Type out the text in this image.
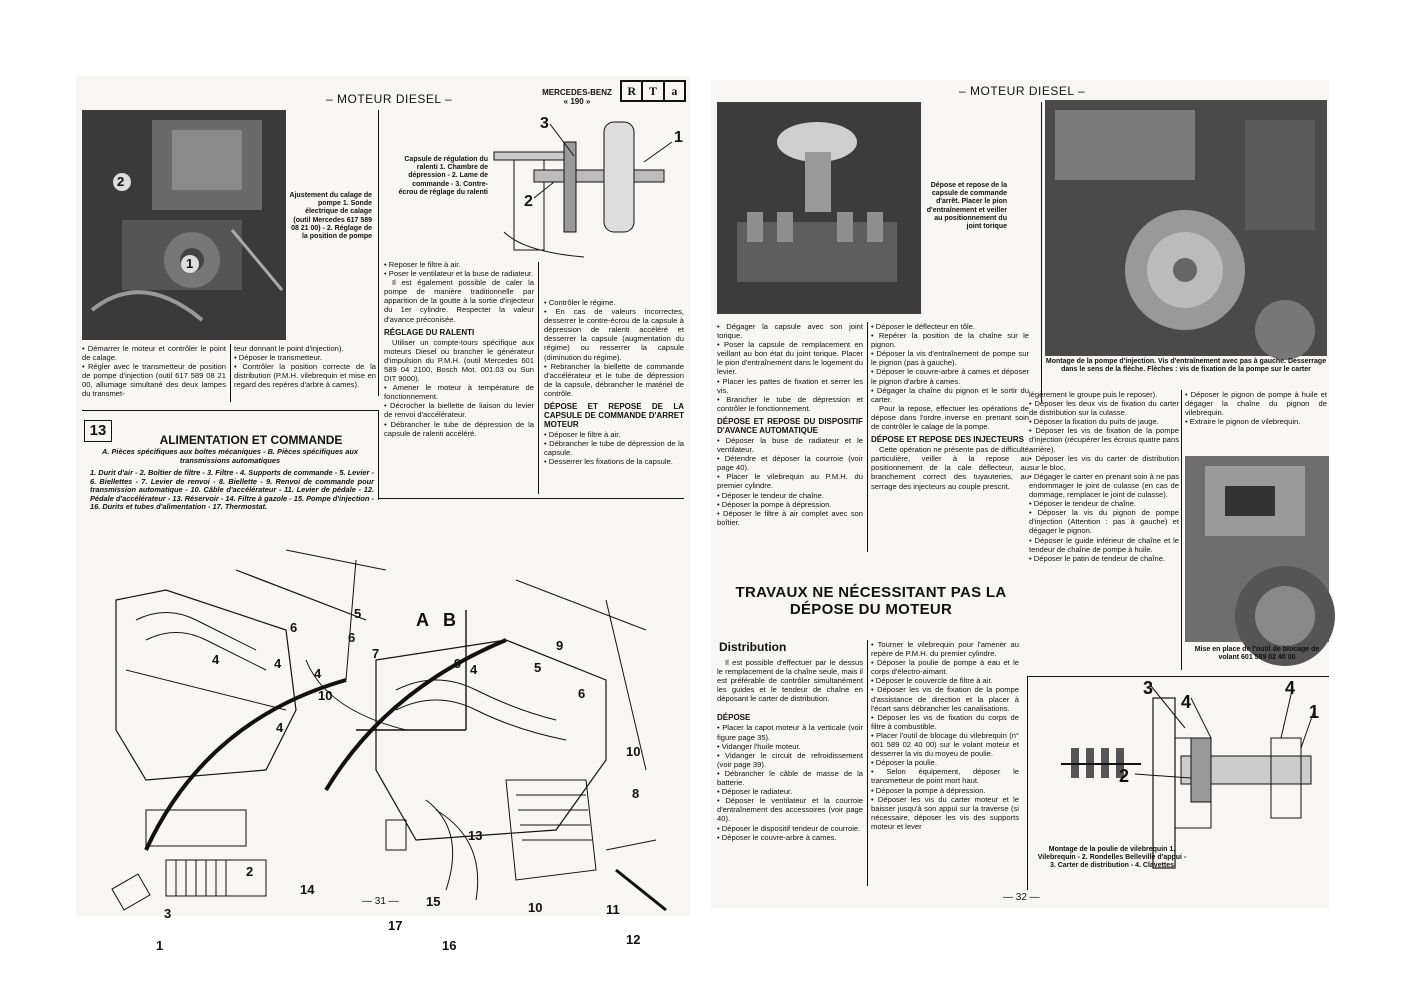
– MOTEUR DIESEL –	MERCEDES-BENZ
« 190 »
R	T	a
2
1
Ajustement du calage de pompe 1. Sonde électrique de calage (outil Mercedes 617 589 08 21 00) - 2. Réglage de la position de pompe
Capsule de régulation du ralenti 1. Chambre de dépression - 2. Lame de commande - 3. Contre-écrou de réglage du ralenti
3
1
2

• Démarrer le moteur et contrôler le point de calage.

• Régler avec le transmetteur de position de pompe d'injection (outil 617 589 08 21 00, allumage simultané des deux lampes du transmet-

teur donnant le point d'injection).

• Déposer le transmetteur.

• Contrôler la position correcte de la distribution (P.M.H. vilebrequin et mise en regard des repères d'arbre à cames).

• Reposer le filtre à air.

• Poser le ventilateur et la buse de radiateur.

Il est également possible de caler la pompe de manière traditionnelle par apparition de la goutte à la sortie d'injecteur du 1er cylindre. Respecter la valeur d'avance préconisée.

RÉGLAGE DU RALENTI

Utiliser un compte-tours spécifique aux moteurs Diesel ou brancher le générateur d'impulsion du P.M.H. (outil Mercedes 601 589 04 2100, Bosch Mot. 001.03 ou Sun DIT 9000).

• Amener le moteur à température de fonctionnement.

• Décrocher la biellette de liaison du levier de renvoi d'accélérateur.

• Débrancher le tube de dépression de la capsule de ralenti accéléré.

• Contrôler le régime.

• En cas de valeurs incorrectes, desserrer le contre-écrou de la capsule à dépression de ralenti accéléré et desserrer la capsule (augmentation du régime) ou resserrer la capsule (diminution du régime).

• Rebrancher la biellette de commande d'accélérateur et le tube de dépression de la capsule, débrancher le matériel de contrôle.

DÉPOSE ET REPOSE DE LA CAPSULE DE COMMANDE D'ARRET MOTEUR

• Déposer le filtre à air.

• Débrancher le tube de dépression de la capsule.

• Desserrer les fixations de la capsule.

13
ALIMENTATION ET COMMANDE
A. Pièces spécifiques aux boîtes mécaniques - B. Pièces spécifiques aux transmissions automatiques
1. Durit d'air - 2. Boîtier de filtre - 3. Filtre - 4. Supports de commande - 5. Levier - 6. Biellettes - 7. Levier de renvoi - 8. Biellette - 9. Renvoi de commande pour transmission automatique - 10. Câble d'accélérateur - 11. Levier de pédale - 12. Pédale d'accélérateur - 13. Réservoir - 14. Filtre à gazole - 15. Pompe d'injection - 16. Durits et tubes d'alimentation - 17. Thermostat.
A B
5
6
6
7
4	4
4
10
4
9 4	5
6
9
10
8
2
3
1
14
13
15
16
17
10	11
12
— 31 —
– MOTEUR DIESEL –
Dépose et repose de la capsule de commande d'arrêt. Placer le pion d'entraînement et veiller au positionnement du joint torique
Montage de la pompe d'injection. Vis d'entraînement avec pas à gauche. Desserrage dans le sens de la flèche. Flèches : vis de fixation de la pompe sur le carter

• Dégager la capsule avec son joint torique.

• Poser la capsule de remplacement en veillant au bon état du joint torique. Placer le pion d'entraînement dans le logement du levier.

• Placer les pattes de fixation et serrer les vis.

• Brancher le tube de dépression et contrôler le fonctionnement.

DÉPOSE ET REPOSE DU DISPOSITIF D'AVANCE AUTOMATIQUE

• Déposer la buse de radiateur et le ventilateur.

• Détendre et déposer la courroie (voir page 40).

• Placer le vilebrequin au P.M.H. du premier cylindre.

• Déposer le tendeur de chaîne.

• Déposer la pompe à dépression.

• Déposer le filtre à air complet avec son boîtier.

• Déposer le déflecteur en tôle.

• Repérer la position de la chaîne sur le pignon.

• Déposer la vis d'entraînement de pompe sur le pignon (pas à gauche).

• Déposer le couvre-arbre à cames et déposer le pignon d'arbre à cames.

• Dégager la chaîne du pignon et le sortir du carter.

Pour la repose, effectuer les opérations de dépose dans l'ordre inverse en prenant soin de contrôler le calage de la pompe.

DÉPOSE ET REPOSE DES INJECTEURS

Cette opération ne présente pas de difficulté particulière, veiller à la repose au positionnement de la cale déflecteur, au branchement correct des tuyauteries, au serrage des injecteurs au couple prescrit.

TRAVAUX NE NÉCESSITANT PAS LA DÉPOSE DU MOTEUR
Distribution

Il est possible d'effectuer par le dessus le remplacement de la chaîne seule, mais il est préférable de contrôler simultanément les guides et le tendeur de chaîne en déposant le carter de distribution.

DÉPOSE

• Placer la capot moteur à la verticale (voir figure page 35).

• Vidanger l'huile moteur.

• Vidanger le circuit de refroidissement (voir page 39).

• Débrancher le câble de masse de la batterie.

• Déposer le radiateur.

• Déposer le ventilateur et la courroie d'entraînement des accessoires (voir page 40).

• Déposer le dispositif tendeur de courroie.

• Déposer le couvre-arbre à cames.

• Tourner le vilebrequin pour l'amener au repère de P.M.H. du premier cylindre.

• Déposer la poulie de pompe à eau et le corps d'électro-aimant.

• Déposer le couvercle de filtre à air.

• Déposer les vis de fixation de la pompe d'assistance de direction et la placer à l'écart sans débrancher les canalisations.

• Déposer les vis de fixation du corps de filtre à combustible.

• Placer l'outil de blocage du vilebrequin (n° 601 589 02 40 00) sur le volant moteur et desserrer la vis du moyeu de poulie.

• Déposer la poulie.

• Selon équipement, déposer le transmetteur de point mort haut.

• Déposer la pompe à dépression.

• Déposer les vis du carter moteur et le baisser jusqu'à son appui sur la traverse (si nécessaire, déposer les vis des supports moteur et lever

légèrement le groupe puis le reposer).

• Déposer les deux vis de fixation du carter de distribution sur la culasse.

• Déposer la fixation du puits de jauge.

• Déposer les vis de fixation de la pompe d'injection (récupérer les écrous quatre pans arrière).

• Déposer les vis du carter de distribution sur le bloc.

• Dégager le carter en prenant soin à ne pas endommager le joint de culasse (en cas de dommage, remplacer le joint de culasse).

• Déposer le tendeur de chaîne.

• Déposer la vis du pignon de pompe d'injection (Attention : pas à gauche) et dégager le pignon.

• Déposer le guide inférieur de chaîne et le tendeur de chaîne de pompe à huile.

• Déposer le patin de tendeur de chaîne.

• Déposer le pignon de pompe à huile et dégager la chaîne du pignon de vilebrequin.

• Extraire le pignon de vilebrequin.

Mise en place de l'outil de blocage de volant 601 589 02 40 00
3
4
4
1
2
Montage de la poulie de vilebrequin 1. Vilebrequin - 2. Rondelles Belleville d'appui - 3. Carter de distribution - 4. Clavettes
— 32 —
